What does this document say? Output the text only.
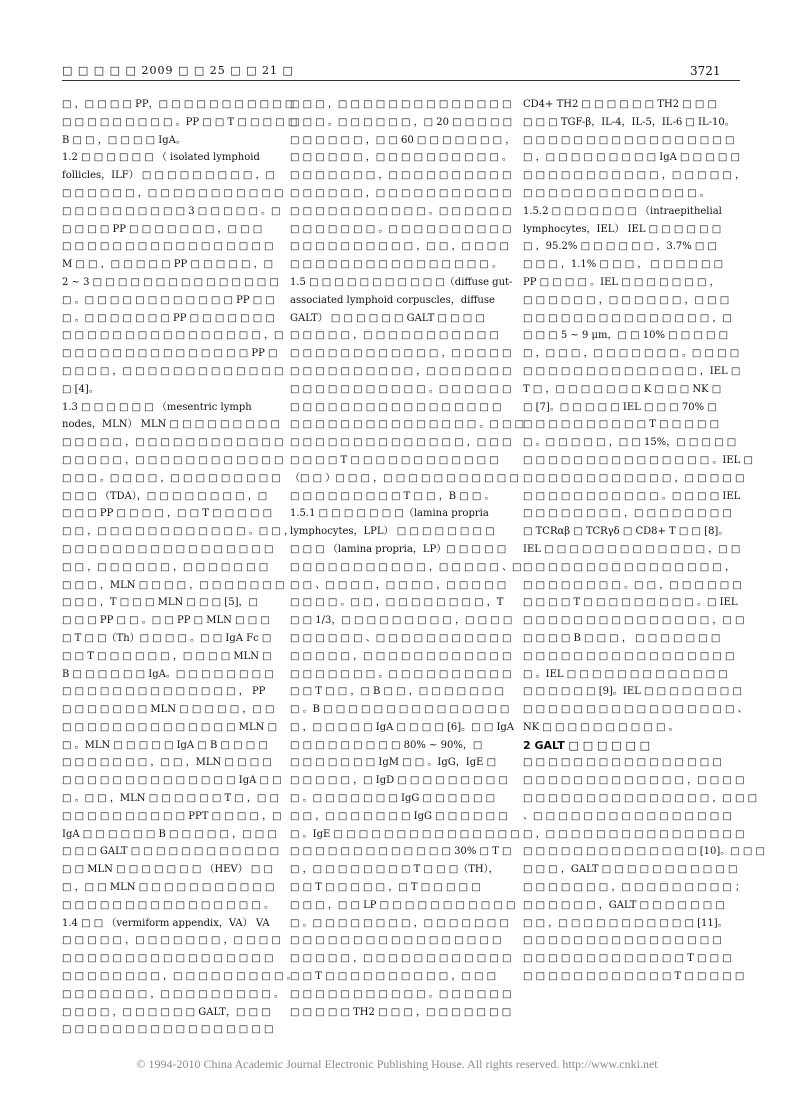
□ □ □ □ □ 2009 □ □ 25 □ □ 21 □	3721
□ ，□ □ □ □ PP，□ □ □ □ □ □ □ □ □ □ □
□ □ □ □ □ □ □ □ □ 。PP □ □ T □ □ □ □ □
B □ □ ，□ □ □ □ IgA。
1.2 □ □ □ □ □ □ （ isolated lymphoid
follicles，ILF） □ □ □ □ □ □ □ □ □ ，□
□ □ □ □ □ □ ，□ □ □ □ □ □ □ □ □ □ □
□ □ □ □ □ □ □ □ □ □ 3 □ □ □ □ □ 。□
□ □ □ □ PP □ □ □ □ □ □ □ ，□ □ □
□ □ □ □ □ □ □ □ □ □ □ □ □ □ □ □ □
M □ □ ，□ □ □ □ □ PP □ □ □ □ □ ，□
2 ~ 3 □ □ □ □ □ □ □ □ □ □ □ □ □ □ □
□ 。□ □ □ □ □ □ □ □ □ □ □ □ PP □ □
□ 。□ □ □ □ □ □ □ PP □ □ □ □ □ □ □
□ □ □ □ □ □ □ □ □ □ □ □ □ □ □ □ ，□
□ □ □ □ □ □ □ □ □ □ □ □ □ □ □ PP □
□ □ □ □ ，□ □ □ □ □ □ □ □ □ □ □ □ □
□ [4]。
1.3 □ □ □ □ □ □ （mesentric lymph
nodes，MLN） MLN □ □ □ □ □ □ □ □ □
□ □ □ □ □ ，□ □ □ □ □ □ □ □ □ □ □ □
□ □ □ □ □ ，□ □ □ □ □ □ □ □ □ □ □ □
□ □ □ 。□ □ □ □ ，□ □ □ □ □ □ □ □ □
□ □ □ （TDA），□ □ □ □ □ □ □ □ ，□
□ □ □ PP □ □ □ □ ，□ □ T □ □ □ □ □
□ □ ，□ □ □ □ □ □ □ □ □ □ □ □ 。□ □ ，
□ □ □ □ □ □ □ □ □ □ □ □ □ □ □ □ □
□ □ ，□ □ □ □ □ □ ，□ □ □ □ □ □ □
□ □ □ ，MLN □ □ □ □ ，□ □ □ □ □ □ □
□ □ □ ，T □ □ □ MLN □ □ □ [5]，□
□ □ □ PP □ □ 。□ □ PP □ MLN □ □ □
□ T □ □（Th）□ □ □ □ 。□ □ IgA Fc □
□ □ T □ □ □ □ □ □ ，□ □ □ □ MLN □
B □ □ □ □ □ □ IgA。□ □ □ □ □ □ □ □
□ □ □ □ □ □ □ □ □ □ □ □ □ □ ， PP
□ □ □ □ □ □ □ MLN □ □ □ □ □ ，□ □
□ □ □ □ □ □ □ □ □ □ □ □ □ □ MLN □
□ 。MLN □ □ □ □ □ IgA □ B □ □ □ □
□ □ □ □ □ □ □ ，□ □ ，MLN □ □ □ □
□ □ □ □ □ □ □ □ □ □ □ □ □ □ IgA □ □
□ 。□ □ ，MLN □ □ □ □ □ □ T □ ，□ □
□ □ □ □ □ □ □ □ □ □ PPT □ □ □ □ ，□
IgA □ □ □ □ □ □ B □ □ □ □ □ ，□ □ □
□ □ □ GALT □ □ □ □ □ □ □ □ □ □ □ □
□ □ MLN □ □ □ □ □ □ □ （HEV） □ □
□ ，□ □ MLN □ □ □ □ □ □ □ □ □ □ □
□ □ □ □ □ □ □ □ □ □ □ □ □ □ □ □ 。
1.4 □ □ （vermiform appendix，VA） VA
□ □ □ □ □ ，□ □ □ □ □ □ □ ，□ □ □ □
□ □ □ □ □ □ □ □ □ □ □ □ □ □ □ □ □
□ □ □ □ □ □ □ □ ，□ □ □ □ □ □ □ □ □ 。
□ □ □ □ □ □ □ ，□ □ □ □ □ □ □ □ □ 。
□ □ □ □ ，□ □ □ □ □ □ GALT，□ □ □
□ □ □ □ □ □ □ □ □ □ □ □ □ □ □ □ □
□ □ □ ，□ □ □ □ □ □ □ □ □ □ □ □ □ □
□ □ □ 。□ □ □ □ □ □ ，□ 20 □ □ □ □ □
□ □ □ □ □ □ ，□ □ 60 □ □ □ □ □ □ □ ，
□ □ □ □ □ □ ，□ □ □ □ □ □ □ □ □ □ 。
□ □ □ □ □ □ □ ，□ □ □ □ □ □ □ □ □ □
□ □ □ □ □ □ ，□ □ □ □ □ □ □ □ □ □ □
□ □ □ □ □ □ □ □ □ □ □ 。□ □ □ □ □ □
□ □ □ □ □ □ □ 。□ □ □ □ □ □ □ □ □ □
□ □ □ □ □ □ □ □ □ □ ，□ □ ，□ □ □ □
□ □ □ □ □ □ □ □ □ □ □ □ □ □ □ □ 。
1.5 □ □ □ □ □ □ □ □ □ □ □（diffuse gut-
associated lymphoid corpuscles，diffuse
GALT） □ □ □ □ □ □ GALT □ □ □ □
□ □ □ □ □ ，□ □ □ □ □ □ □ □ □ □ □
□ □ □ □ □ □ □ □ □ □ □ □ ，□ □ □ □ □
□ □ □ □ □ □ □ □ □ □ ，□ □ □ □ □ □ □
□ □ □ □ □ □ □ □ □ □ □ 。□ □ □ □ □ □
□ □ □ □ □ □ □ □ □ □ □ □ □ □ □ □ □
□ □ □ □ □ □ □ □ □ □ □ □ □ □ □ 。□ □ □
□ □ □ □ □ □ □ □ □ □ □ □ □ □ ，□ □ □
□ □ □ □ T □ □ □ □ □ □ □ □ □ □ □ □
（□ □ ）□ □ □ ，□ □ □ □ □ □ □ □ □ □ □
□ □ □ □ □ □ □ □ □ T □ □ ，B □ □ 。
1.5.1 □ □ □ □ □ □ □（lamina propria
lymphocytes，LPL） □ □ □ □ □ □ □ □
□ □ □ （lamina propria，LP）□ □ □ □ □
□ □ □ □ □ □ □ □ □ □ □ ，□ □ □ □ □ 、□
□ □ 、□ □ □ □ ，□ □ □ □ ，□ □ □ □ □
□ □ □ □ 。□ □ ，□ □ □ □ □ □ □ □ ，T
□ □ 1/3，□ □ □ □ □ □ □ □ □ ，□ □ □ □
□ □ □ □ □ □ 、□ □ □ □ □ □ □ □ □ □ □
□ □ □ □ □ ，□ □ □ □ □ □ □ □ □ □ □ □
□ □ □ □ □ □ □ 。□ □ □ □ □ □ □ □ □ □
□ □ T □ □ ，□ B □ □ ，□ □ □ □ □ □ □
□ 。B □ □ □ □ □ □ □ □ □ □ □ □ □ □ □
□ ，□ □ □ □ □ IgA □ □ □ □ [6]。□ □ IgA
□ □ □ □ □ □ □ □ □ 80% ~ 90%，□
□ □ □ □ □ □ □ IgM □ □ 。IgG，IgE □
□ □ □ □ □ ，□ IgD □ □ □ □ □ □ □ □ □
□ 。□ □ □ □ □ □ □ IgG □ □ □ □ □ □
□ □ ，□ □ □ □ □ □ □ IgG □ □ □ □ □ □
□ 。IgE □ □ □ □ □ □ □ □ □ □ □ □ □ □ □
□ □ □ □ □ □ □ □ □ □ □ □ □ 30% □ T □
□ ，□ □ □ □ □ □ □ □ T □ □ □（TH），
□ □ T □ □ □ □ □ ，□ T □ □ □ □ □
□ □ □ ，□ □ LP □ □ □ □ □ □ □ □ □ □ □
□ 。□ □ □ □ □ □ □ □ ，□ □ □ □ □ □ □
□ □ □ □ □ □ □ □ □ □ □ □ □ □ □ □ □
□ □ □ □ □ ，□ □ □ □ □ □ □ □ □ □ □ □
□ □ T □ □ □ □ □ □ □ □ □ □ ，□ □ □
□ □ □ □ □ □ □ □ □ □ □ 。□ □ □ □ □ □
□ □ □ □ □ TH2 □ □ □ ，□ □ □ □ □ □ □
CD4+ TH2 □ □ □ □ □ □ TH2 □ □ □
□ □ □ TGF-β，IL-4，IL-5，IL-6 □ IL-10。
□ □ □ □ □ □ □ □ □ □ □ □ □ □ □ □ □
□ ，□ □ □ □ □ □ □ □ □ IgA □ □ □ □ □
□ □ □ □ □ □ □ □ □ □ □ ，□ □ □ □ □ ，
□ □ □ □ □ □ □ □ □ □ □ □ □ □ 。
1.5.2 □ □ □ □ □ □ □ （intraepithelial
lymphocytes，IEL） IEL □ □ □ □ □ □
□ ，95.2% □ □ □ □ □ □ ，3.7% □ □
□ □ □ ，1.1% □ □ □ ， □ □ □ □ □ □
PP □ □ □ □ 。IEL □ □ □ □ □ □ □ ，
□ □ □ □ □ □ ，□ □ □ □ □ □ ，□ □ □
□ □ □ □ □ □ □ □ □ □ □ □ □ □ □ ，□
□ □ □ 5 ~ 9 μm，□ □ 10% □ □ □ □ □
□ ，□ □ □ ，□ □ □ □ □ □ □ 。□ □ □ □
□ □ □ □ □ □ □ □ □ □ □ □ □ □ ，IEL □
T □ ，□ □ □ □ □ □ □ K □ □ □ NK □
□ [7]。□ □ □ □ □ IEL □ □ □ 70% □
□ □ □ □ □ □ □ □ □ □ T □ □ □ □ □
□ 。□ □ □ □ □ ，□ □ 15%，□ □ □ □ □
□ □ □ □ □ □ □ □ □ □ □ □ □ □ □ 。IEL □
□ □ □ □ □ □ □ □ □ □ □ □ ，□ □ □ □ □
□ □ □ □ □ □ □ □ □ □ □ 。□ □ □ □ IEL
□ □ □ □ □ □ □ □ ，□ □ □ □ □ □ □ □
□ TCRαβ □ TCRγδ □ CD8+ T □ □ [8]。
IEL □ □ □ □ □ □ □ □ □ □ □ □ □ ，□ □
□ □ □ □ □ □ □ □ □ □ □ □ □ □ □ □ ，
□ □ □ □ □ □ □ □ 。□ □ ，□ □ □ □ □ □
□ □ □ □ T □ □ □ □ □ □ □ □ □ 。□ IEL
□ □ □ □ □ □ □ □ □ □ □ □ □ □ □ ，□ □
□ □ □ □ B □ □ □ ， □ □ □ □ □ □ □
□ □ □ □ □ □ □ □ □ □ □ □ □ □ □ □ □
□ 。IEL □ □ □ □ □ □ □ □ □ □ □ □ □
□ □ □ □ □ □ [9]。IEL □ □ □ □ □ □ □ □
□ □ □ □ □ □ □ □ □ □ □ □ □ □ □ □ □ 、
NK □ □ □ □ □ □ □ □ □ □ 。
2 GALT □ □ □ □ □ □
□ □ □ □ □ □ □ □ □ □ □ □ □ □ □ □
□ □ □ □ □ □ □ □ □ □ □ □ □ ，□ □ □ □
□ □ □ □ □ □ □ □ □ □ □ □ □ □ □ ，□ □ □
、□ □ □ □ □ □ □ □ □ □ □ □ □ □ □ □
□ ，□ □ □ □ □ □ □ □ □ □ □ □ □ □ □ □
□ □ □ □ □ □ □ □ □ □ □ □ □ □ [10]。□ □ □
□ □ □ ，GALT □ □ □ □ □ □ □ □ □ □ □
□ □ □ □ □ □ □ ，□ □ □ □ □ □ □ □ □ ；
□ □ □ □ □ □ ，GALT □ □ □ □ □ □ □
□ □ ，□ □ □ □ □ □ □ □ □ □ □ [11]。
□ □ □ □ □ □ □ □ □ □ □ □ □ □ □ □
□ □ □ □ □ □ □ □ □ □ □ □ □ T □ □ □
□ □ □ □ □ □ □ □ □ □ □ □ T □ □ □ □ □
© 1994-2010 China Academic Journal Electronic Publishing House. All rights reserved. http://www.cnki.net
